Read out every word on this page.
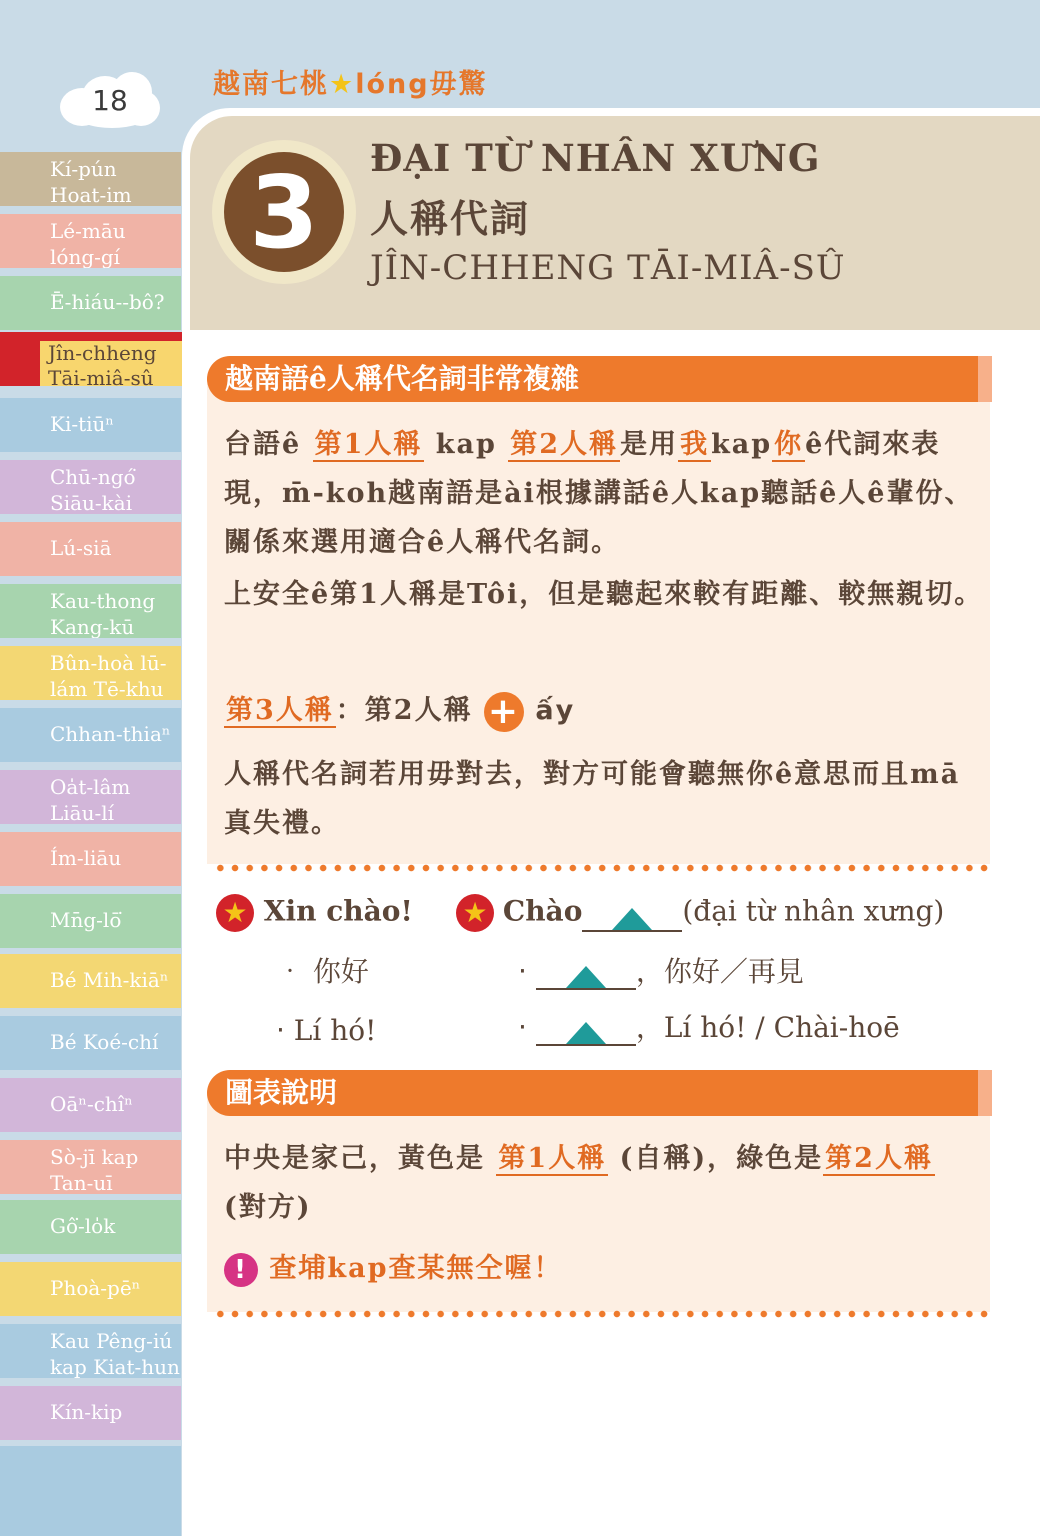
Kí-pún
Hoat-im
Lé-māu
lóng-gí
Ē-hiáu--bô?
Jîn-chheng
Tāi-miâ-sû
Ki-tiūⁿ
Chū-ngó͘
Siāu-kài
Lú-siā
Kau-thong
Kang-kū
Bûn-hoà lū-
lám Tē-khu
Chhan-thiaⁿ
Oa̍t-lâm
Liāu-lí
Ím-liāu
Mn̄g-lō͘
Bé Mih-kiāⁿ
Bé Koé-chí
Oāⁿ-chîⁿ
Sò-jī kap
Tan-uī
Gô͘-lo̍k
Phoà-pēⁿ
Kau Pêng-iú
kap Kiat-hun
Kín-kip
18	越南七桃★lóng毋驚
3	ĐẠI TỪ NHÂN XƯNG
人稱代詞
JÎN-CHHENG TĀI-MIÂ-SÛ
越南語ê人稱代名詞非常複雜
台語ê 第1人稱 kap 第2人稱是用我kap你ê代詞來表現，m̄-koh越南語是ài根據講話ê人kap聽話ê人ê輩份、關係來選用適合ê人稱代名詞。
上安全ê第1人稱是Tôi，但是聽起來較有距離、較無親切。
第3人稱：第2人稱 + ấy
人稱代名詞若用毋對去，對方可能會聽無你ê意思而且mā真失禮。
★ Xin chào!
‧ 你好
‧ Lí hó!
★ Chào	(đại từ nhân xưng)
‧	，你好／再見
‧	，Lí hó! / Chài-hoē
圖表說明
中央是家己，黃色是 第1人稱 (自稱)，綠色是第2人稱
(對方)
! 查埔kap查某無仝喔！
